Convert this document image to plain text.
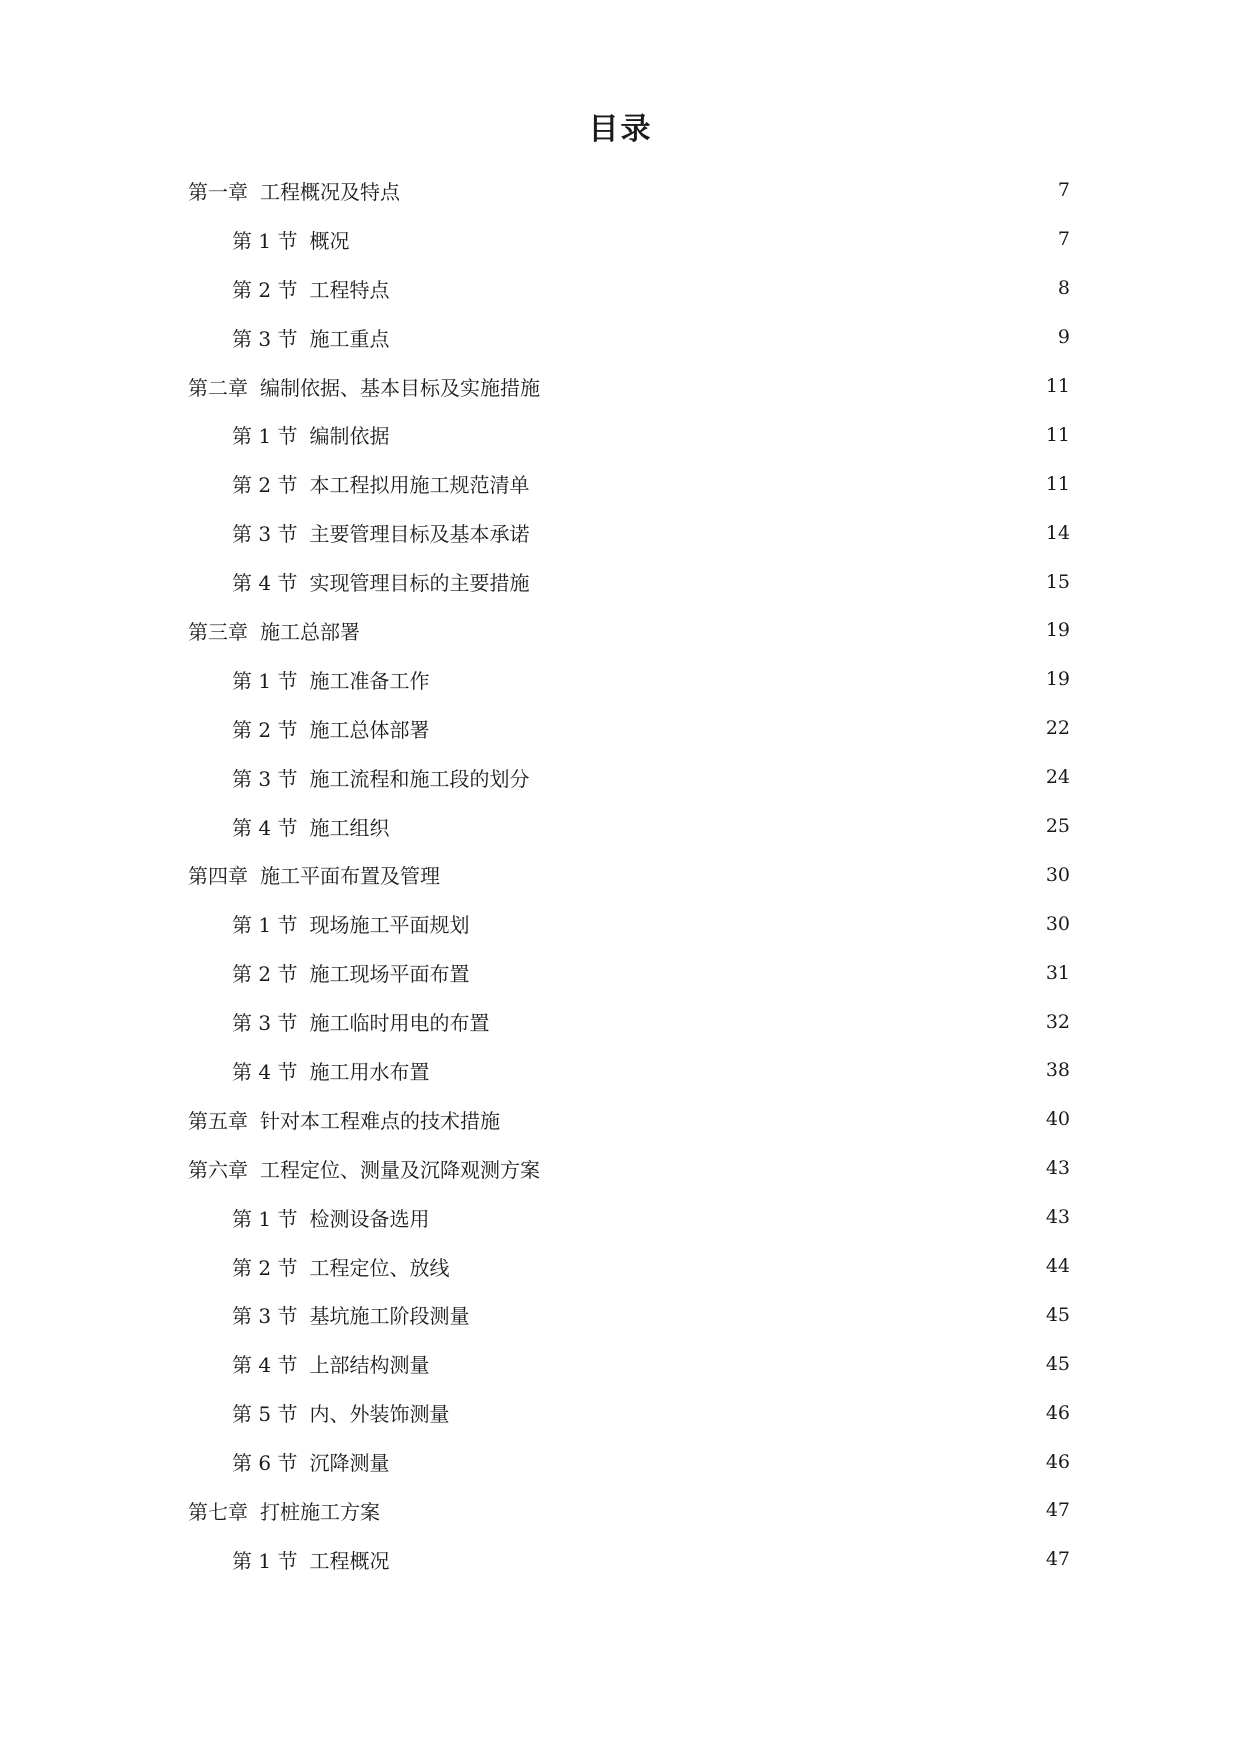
目录
第一章 工程概况及特点	7
第 1 节 概况	7
第 2 节 工程特点	8
第 3 节 施工重点	9
第二章 编制依据、基本目标及实施措施	11
第 1 节 编制依据	11
第 2 节 本工程拟用施工规范清单	11
第 3 节 主要管理目标及基本承诺	14
第 4 节 实现管理目标的主要措施	15
第三章 施工总部署	19
第 1 节 施工准备工作	19
第 2 节 施工总体部署	22
第 3 节 施工流程和施工段的划分	24
第 4 节 施工组织	25
第四章 施工平面布置及管理	30
第 1 节 现场施工平面规划	30
第 2 节 施工现场平面布置	31
第 3 节 施工临时用电的布置	32
第 4 节 施工用水布置	38
第五章 针对本工程难点的技术措施	40
第六章 工程定位、测量及沉降观测方案	43
第 1 节 检测设备选用	43
第 2 节 工程定位、放线	44
第 3 节 基坑施工阶段测量	45
第 4 节 上部结构测量	45
第 5 节 内、外装饰测量	46
第 6 节 沉降测量	46
第七章 打桩施工方案	47
第 1 节 工程概况	47
